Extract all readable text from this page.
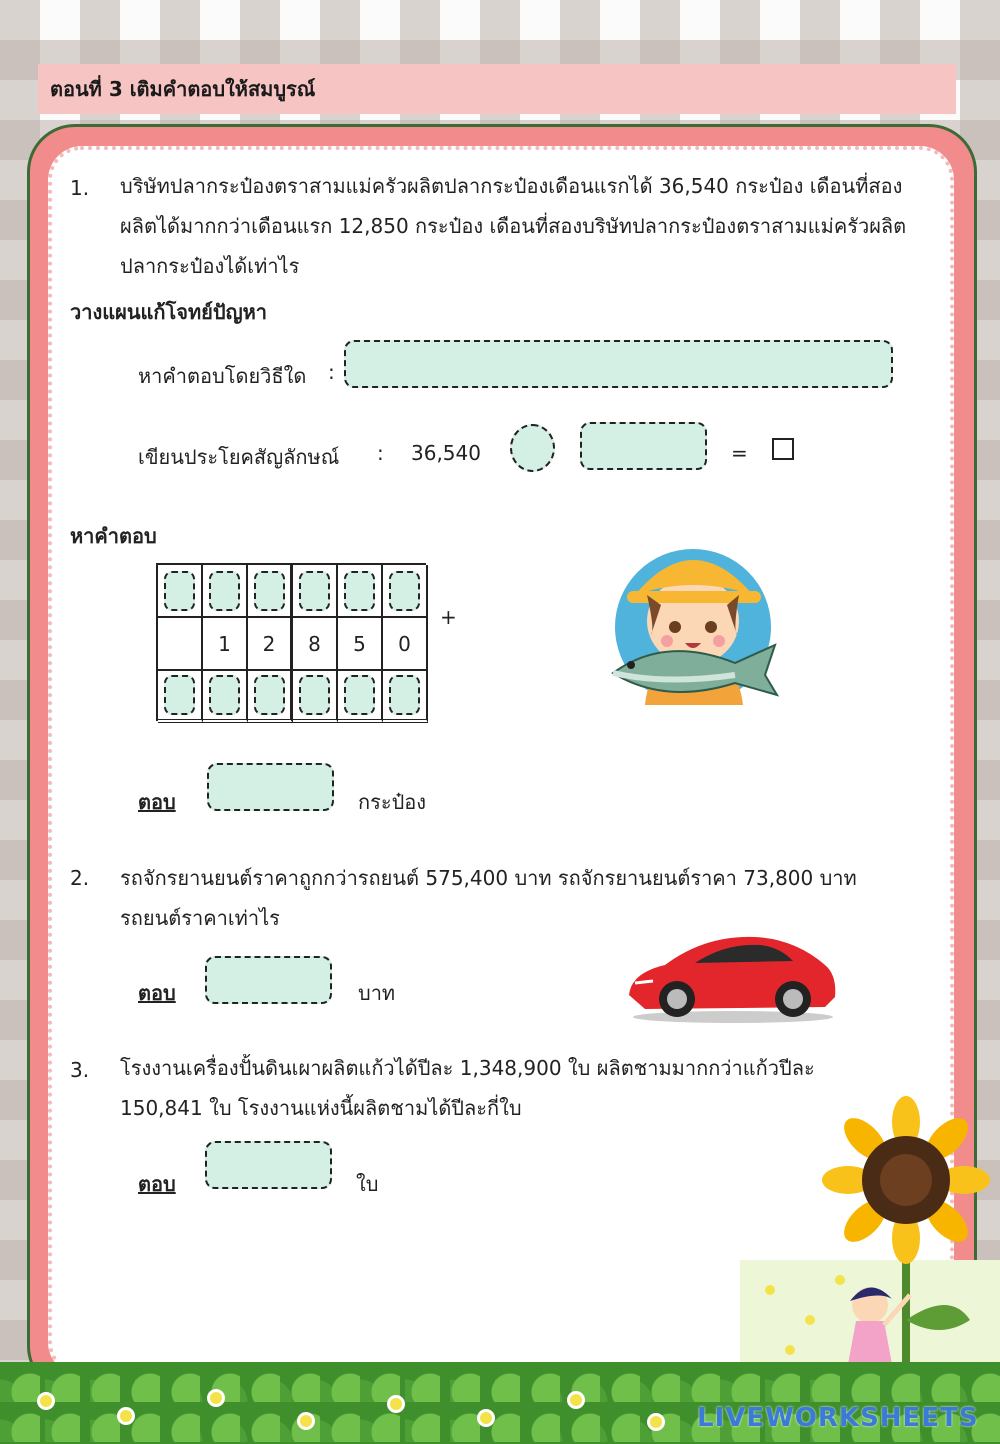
ตอนที่ 3 เติมคำตอบให้สมบูรณ์
1. บริษัทปลากระป๋องตราสามแม่ครัวผลิตปลากระป๋องเดือนแรกได้ 36,540 กระป๋อง เดือนที่สอง
ผลิตได้มากกว่าเดือนแรก 12,850 กระป๋อง เดือนที่สองบริษัทปลากระป๋องตราสามแม่ครัวผลิต
ปลากระป๋องได้เท่าไร
วางแผนแก้โจทย์ปัญหา
หาคำตอบโดยวิธีใด :
เขียนประโยคสัญลักษณ์ : 36,540	=
หาคำตอบ
1	2	8	5	0
+
ตอบ	กระป๋อง
2. รถจักรยานยนต์ราคาถูกกว่ารถยนต์ 575,400 บาท รถจักรยานยนต์ราคา 73,800 บาท
รถยนต์ราคาเท่าไร
ตอบ	บาท
3. โรงงานเครื่องปั้นดินเผาผลิตแก้วได้ปีละ 1,348,900 ใบ ผลิตชามมากกว่าแก้วปีละ
150,841 ใบ โรงงานแห่งนี้ผลิตชามได้ปีละกี่ใบ
ตอบ	ใบ
LIVEWORKSHEETS
